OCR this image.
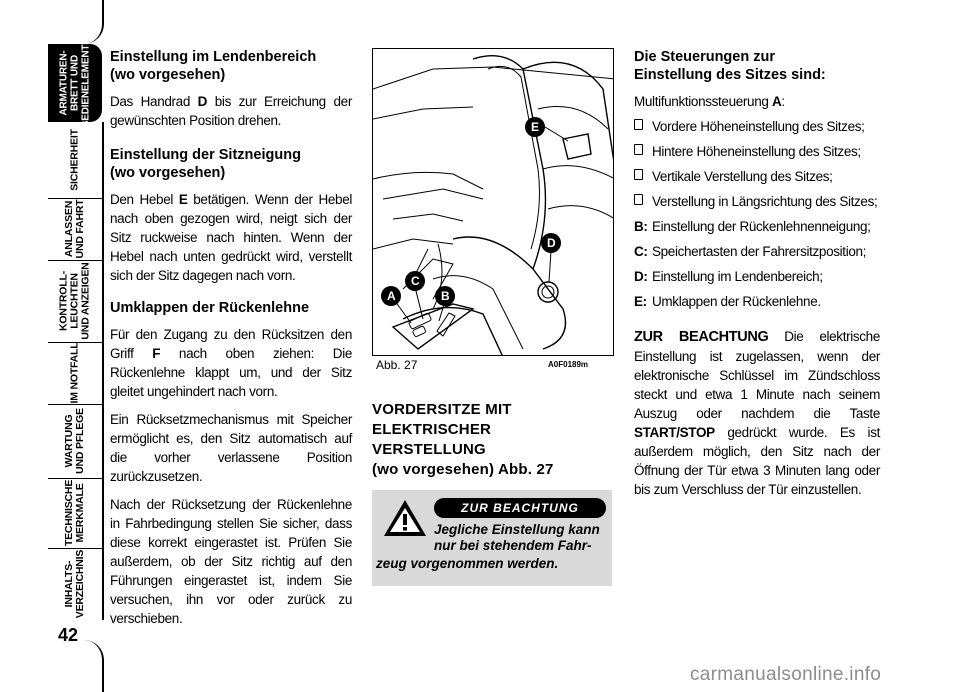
ARMATUREN- BRETT UND BEDIENELEMENTE
SICHERHEIT
ANLASSEN UND FAHRT
KONTROLL- LEUCHTEN UND ANZEIGEN
IM NOTFALL
WARTUNG UND PFLEGE
TECHNISCHE MERKMALE
INHALTS- VERZEICHNIS
42
Einstellung im Lendenbereich
(wo vorgesehen)

Das Handrad D bis zur Erreichung der gewünschten Position drehen.

Einstellung der Sitzneigung
(wo vorgesehen)

Den Hebel E betätigen. Wenn der Hebel nach oben gezogen wird, neigt sich der Sitz ruckweise nach hinten. Wenn der Hebel nach unten gedrückt wird, verstellt sich der Sitz dagegen nach vorn.

Umklappen der Rückenlehne

Für den Zugang zu den Rücksitzen den Griff F nach oben ziehen: Die Rückenlehne klappt um, und der Sitz gleitet ungehindert nach vorn.

Ein Rücksetzmechanismus mit Speicher ermöglicht es, den Sitz automatisch auf die vorher verlassene Position zurückzusetzen.

Nach der Rücksetzung der Rückenlehne in Fahrbedingung stellen Sie sicher, dass diese korrekt eingerastet ist. Prüfen Sie außerdem, ob der Sitz richtig auf den Führungen eingerastet ist, indem Sie versuchen, ihn vor oder zurück zu verschieben.

E
D
C
A	B
Abb. 27	A0F0189m
VORDERSITZE MIT
ELEKTRISCHER
VERSTELLUNG
(wo vorgesehen) Abb. 27
ZUR BEACHTUNG
Jegliche Einstellung kann
nur bei stehendem Fahr-
zeug vorgenommen werden.
Die Steuerungen zur
Einstellung des Sitzes sind:

Multifunktionssteuerung A:

Vordere Höheneinstellung des Sitzes;
Hintere Höheneinstellung des Sitzes;
Vertikale Verstellung des Sitzes;
Verstellung in Längsrichtung des Sitzes;

B: Einstellung der Rückenlehnenneigung;

C: Speichertasten der Fahrersitzposition;

D: Einstellung im Lendenbereich;

E: Umklappen der Rückenlehne.

ZUR BEACHTUNG Die elektrische Einstellung ist zugelassen, wenn der elektronische Schlüssel im Zündschloss steckt und etwa 1 Minute nach seinem Auszug oder nachdem die Taste START/STOP gedrückt wurde. Es ist außerdem möglich, den Sitz nach der Öffnung der Tür etwa 3 Minuten lang oder bis zum Verschluss der Tür einzustellen.

carmanualsonline.info
